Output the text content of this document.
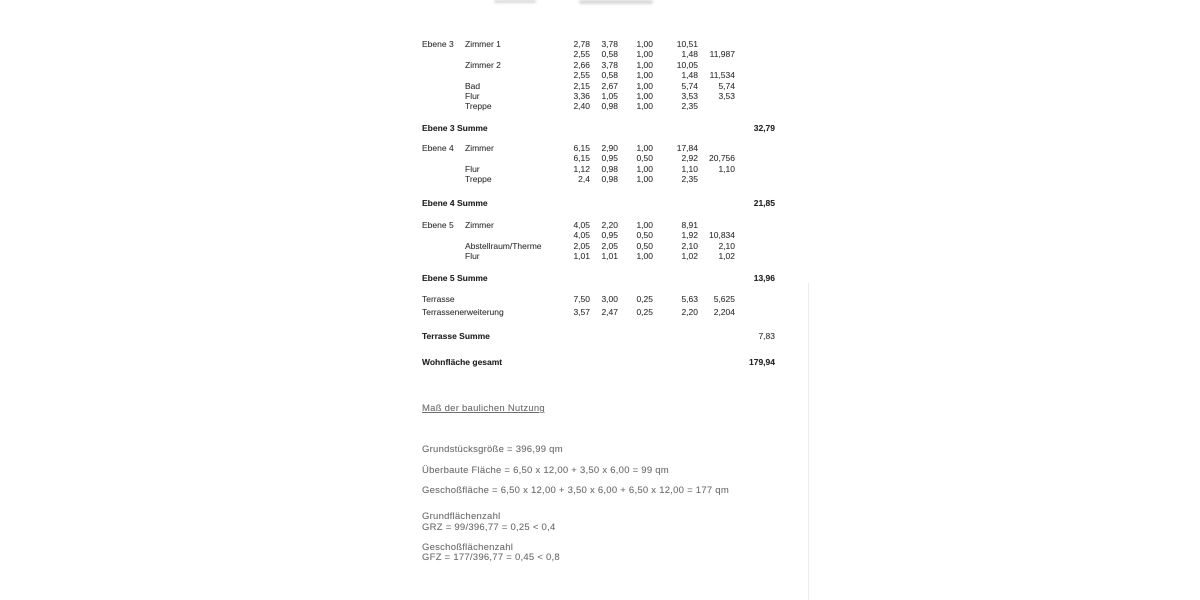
Ebene 3	Zimmer 1	2,78	3,78	1,00	10,51
2,55	0,58	1,00	1,48	11,987
Zimmer 2	2,66	3,78	1,00	10,05
2,55	0,58	1,00	1,48	11,534
Bad	2,15	2,67	1,00	5,74	5,74
Flur	3,36	1,05	1,00	3,53	3,53
Treppe	2,40	0,98	1,00	2,35
Ebene 3 Summe	32,79
Ebene 4	Zimmer	6,15	2,90	1,00	17,84
6,15	0,95	0,50	2,92	20,756
Flur	1,12	0,98	1,00	1,10	1,10
Treppe	2,4	0,98	1,00	2,35
Ebene 4 Summe	21,85
Ebene 5	Zimmer	4,05	2,20	1,00	8,91
4,05	0,95	0,50	1,92	10,834
Abstellraum/Therme	2,05	2,05	0,50	2,10	2,10
Flur	1,01	1,01	1,00	1,02	1,02
Ebene 5 Summe	13,96
Terrasse	7,50	3,00	0,25	5,63	5,625
Terrassenerweiterung	3,57	2,47	0,25	2,20	2,204
Terrasse Summe	7,83
Wohnfläche gesamt	179,94
Maß der baulichen Nutzung
Grundstücksgröße = 396,99 qm
Überbaute Fläche = 6,50 x 12,00 + 3,50 x 6,00 = 99 qm
Geschoßfläche = 6,50 x 12,00 + 3,50 x 6,00 + 6,50 x 12,00 = 177 qm
Grundflächenzahl
GRZ = 99/396,77 = 0,25 < 0,4
Geschoßflächenzahl
GFZ = 177/396,77 = 0,45 < 0,8
